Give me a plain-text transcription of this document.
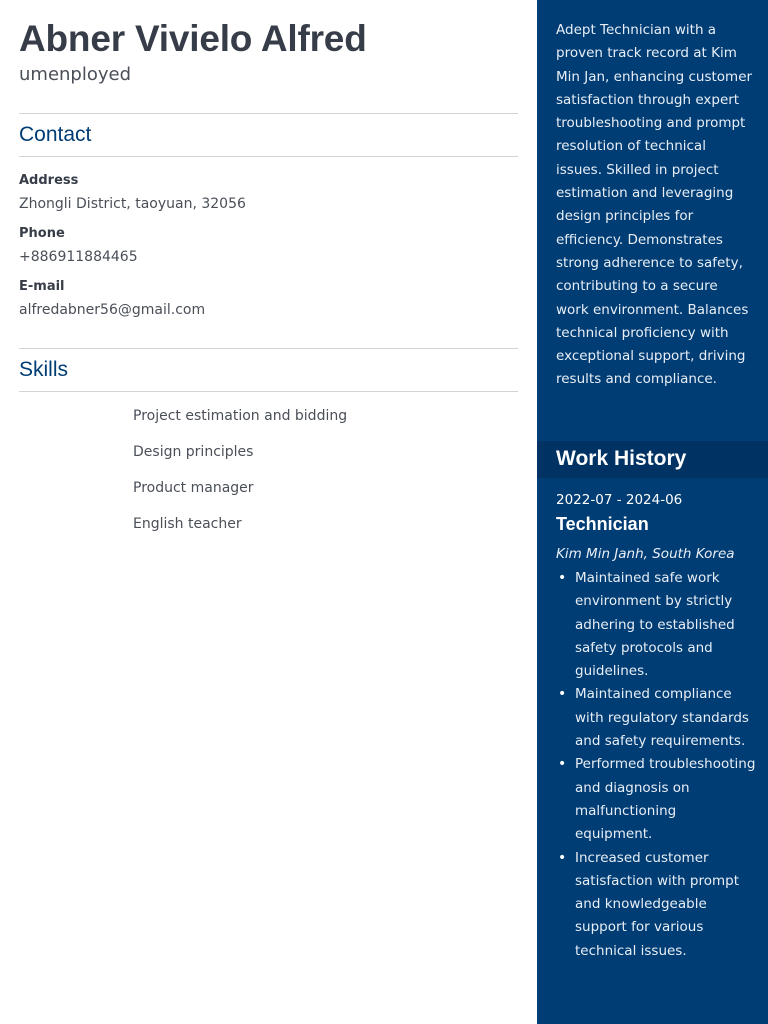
Abner Vivielo Alfred
umenployed
Contact
Address
Zhongli District, taoyuan, 32056
Phone
+886911884465
E-mail
alfredabner56@gmail.com
Skills
Project estimation and bidding
Design principles
Product manager
English teacher

Adept Technician with a proven track record at Kim Min Jan, enhancing customer satisfaction through expert troubleshooting and prompt resolution of technical issues. Skilled in project estimation and leveraging design principles for efficiency. Demonstrates strong adherence to safety, contributing to a secure work environment. Balances technical proficiency with exceptional support, driving results and compliance.

Work History
2022-07 - 2024-06
Technician
Kim Min Janh, South Korea
• Maintained safe work environment by strictly adhering to established safety protocols and guidelines.
• Maintained compliance with regulatory standards and safety requirements.
• Performed troubleshooting and diagnosis on malfunctioning equipment.
• Increased customer satisfaction with prompt and knowledgeable support for various technical issues.
